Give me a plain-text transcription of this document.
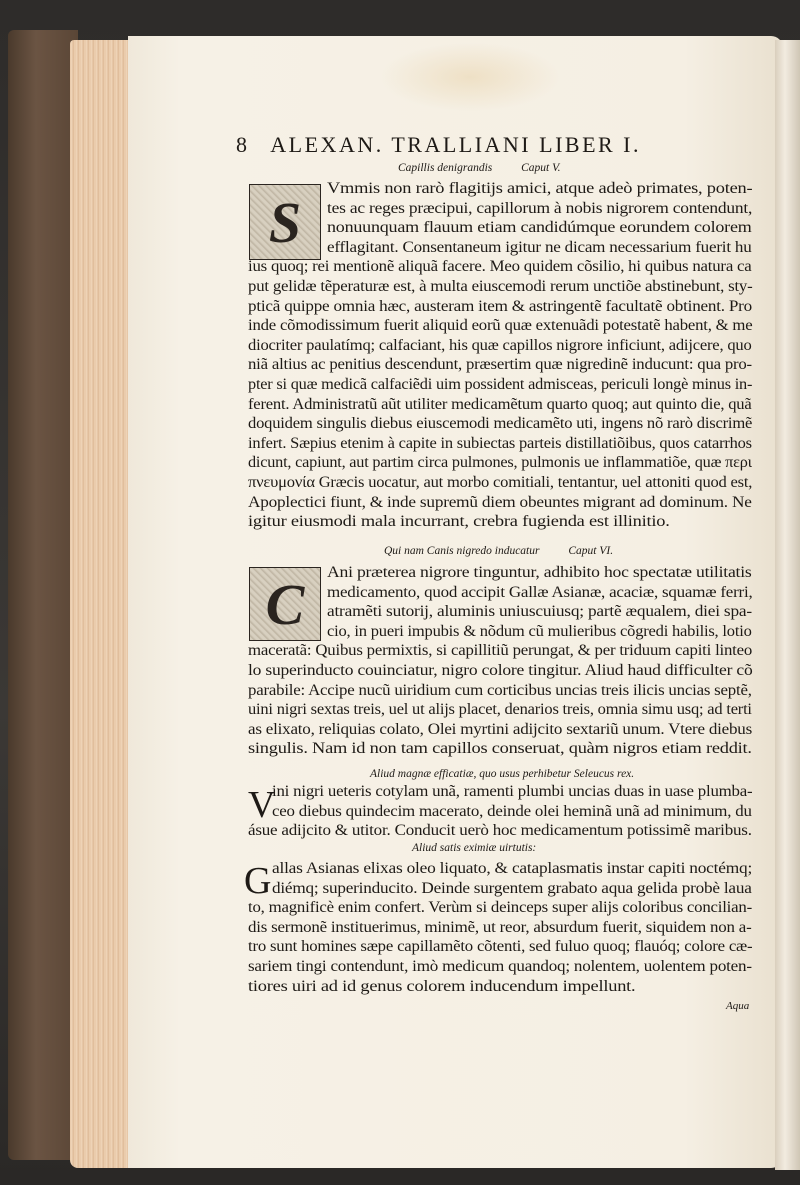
8 ALEXAN. TRALLIANI LIBER I.
Capillis denigrandis	Caput V.
S
Vmmis non rarò flagitijs amici, atque adeò primates, poten-
tes ac reges præcipui, capillorum à nobis nigrorem contendunt,
nonuunquam flauum etiam candidúmque eorundem colorem
efflagitant. Consentaneum igitur ne dicam necessarium fuerit hu
ius quoq; rei mentionẽ aliquã facere. Meo quidem cõsilio, hi quibus natura ca
put gelidæ tẽperaturæ est, à multa eiuscemodi rerum unctiõe abstinebunt, sty-
pticã quippe omnia hæc, austeram item & astringentẽ facultatẽ obtinent. Pro
inde cõmodissimum fuerit aliquid eorũ quæ extenuãdi potestatẽ habent, & me
diocriter paulatímq; calfaciant, his quæ capillos nigrore inficiunt, adijcere, quo
niã altius ac penitius descendunt, præsertim quæ nigredinẽ inducunt: qua pro-
pter si quæ medicã calfaciẽdi uim possident admisceas, periculi longè minus in-
ferent. Administratũ aũt utiliter medicamẽtum quarto quoq; aut quinto die, quã
doquidem singulis diebus eiuscemodi medicamẽto uti, ingens nõ rarò discrimẽ
infert. Sæpius etenim à capite in subiectas parteis distillatiõibus, quos catarrhos
dicunt, capiunt, aut partim circa pulmones, pulmonis ue inflammatiõe, quæ περι
πνευμονία Græcis uocatur, aut morbo comitiali, tentantur, uel attoniti quod est,
Apoplectici fiunt, & inde supremũ diem obeuntes migrant ad dominum. Ne
igitur eiusmodi mala incurrant, crebra fugienda est illinitio.
Qui nam Canis nigredo inducatur	Caput VI.
C Ani præterea nigrore tinguntur, adhibito hoc spectatæ utilitatis
medicamento, quod accipit Gallæ Asianæ, acaciæ, squamæ ferri,
atramẽti sutorij, aluminis uniuscuiusq; partẽ æqualem, diei spa-
cio, in pueri impubis & nõdum cũ mulieribus cõgredi habilis, lotio
maceratã: Quibus permixtis, si capillitiũ perungat, & per triduum capiti linteo
lo superinducto couinciatur, nigro colore tingitur. Aliud haud difficulter cõ
parabile: Accipe nucũ uiridium cum corticibus uncias treis ilicis uncias septẽ,
uini nigri sextas treis, uel ut alijs placet, denarios treis, omnia simu usq; ad terti
as elixato, reliquias colato, Olei myrtini adijcito sextariũ unum. Vtere diebus
singulis. Nam id non tam capillos conseruat, quàm nigros etiam reddit.
Aliud magnæ efficatiæ, quo usus perhibetur Seleucus rex.
V
ini nigri ueteris cotylam unã, ramenti plumbi uncias duas in uase plumba-
ceo diebus quindecim macerato, deinde olei heminã unã ad minimum, du
ásue adijcito & utitor. Conducit uerò hoc medicamentum potissimẽ maribus.
Aliud satis eximiæ uirtutis:
G allas Asianas elixas oleo liquato, & cataplasmatis instar capiti noctémq;
diémq; superinducito. Deinde surgentem grabato aqua gelida probè laua
to, magnificè enim confert. Verùm si deinceps super alijs coloribus concilian-
dis sermonẽ instituerimus, minimẽ, ut reor, absurdum fuerit, siquidem non a-
tro sunt homines sæpe capillamẽto cõtenti, sed fuluo quoq; flauóq; colore cæ-
sariem tingi contendunt, imò medicum quandoq; nolentem, uolentem poten-
tiores uiri ad id genus colorem inducendum impellunt.
Aqua
